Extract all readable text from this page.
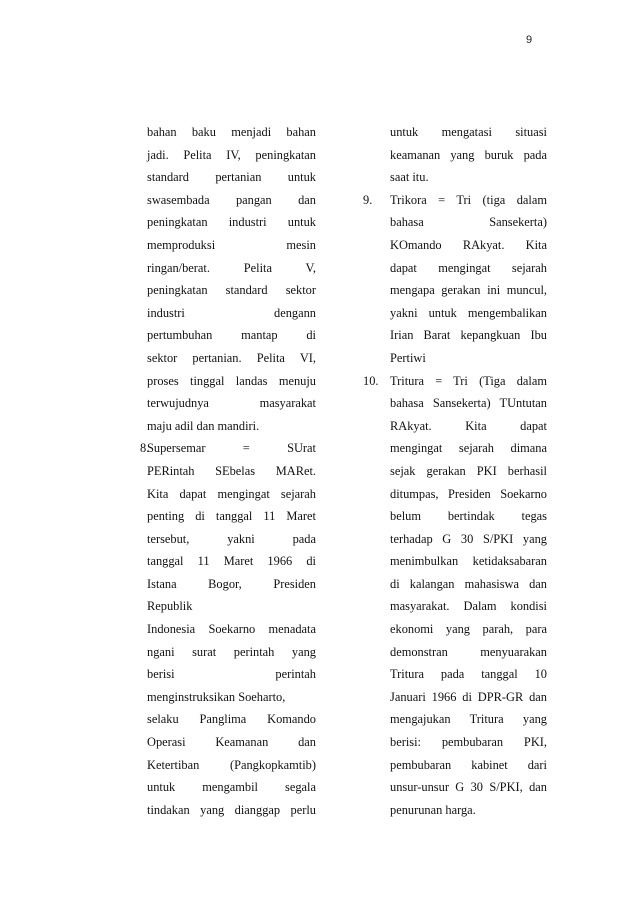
9
bahan baku menjadi bahan
jadi. Pelita IV, peningkatan
standard pertanian untuk
swasembada pangan dan
peningkatan industri untuk
memproduksi mesin
ringan/berat. Pelita V,
peningkatan standard sektor
industri dengann
pertumbuhan mantap di
sektor pertanian. Pelita VI,
proses tinggal landas menuju
terwujudnya masyarakat
maju adil dan mandiri.
8.
Supersemar = SUrat
PERintah SEbelas MARet.
Kita dapat mengingat sejarah
penting di tanggal 11 Maret
tersebut, yakni pada
tanggal 11 Maret 1966 di
Istana Bogor, Presiden
Republik
Indonesia Soekarno menadata
ngani surat perintah yang
berisi perintah
menginstruksikan Soeharto,
selaku Panglima Komando
Operasi Keamanan dan
Ketertiban (Pangkopkamtib)
untuk mengambil segala
tindakan yang dianggap perlu
untuk mengatasi situasi
keamanan yang buruk pada
saat itu.
9.	Trikora = Tri (tiga dalam
bahasa Sansekerta)
KOmando RAkyat. Kita
dapat mengingat sejarah
mengapa gerakan ini muncul,
yakni untuk mengembalikan
Irian Barat kepangkuan Ibu
Pertiwi
10. Tritura = Tri (Tiga dalam
bahasa Sansekerta) TUntutan
RAkyat. Kita dapat
mengingat sejarah dimana
sejak gerakan PKI berhasil
ditumpas, Presiden Soekarno
belum bertindak tegas
terhadap G 30 S/PKI yang
menimbulkan ketidaksabaran
di kalangan mahasiswa dan
masyarakat. Dalam kondisi
ekonomi yang parah, para
demonstran menyuarakan
Tritura pada tanggal 10
Januari 1966 di DPR-GR dan
mengajukan Tritura yang
berisi: pembubaran PKI,
pembubaran kabinet dari
unsur-unsur G 30 S/PKI, dan
penurunan harga.
